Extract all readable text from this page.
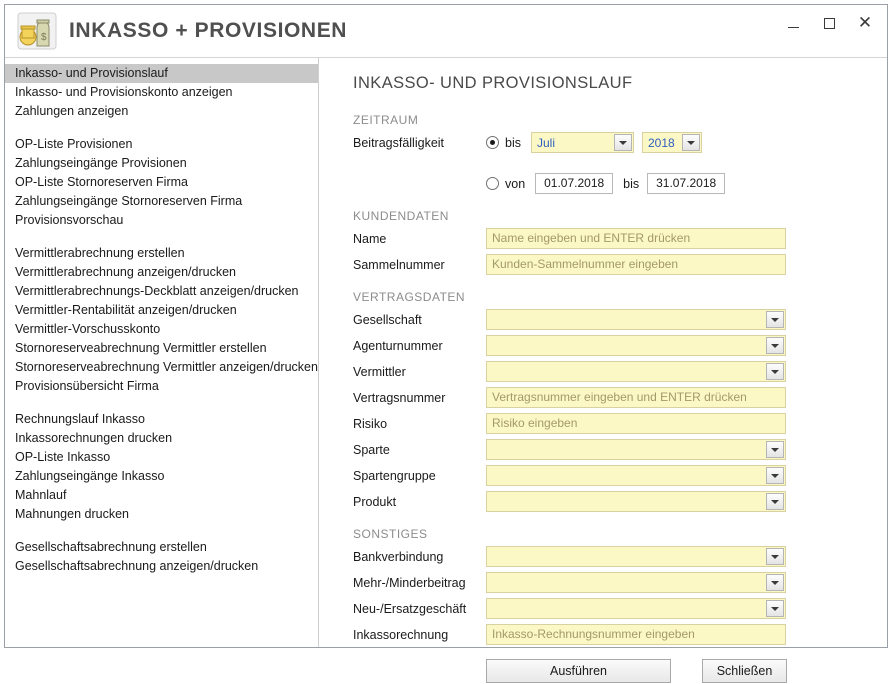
$ INKASSO + PROVISIONEN	✕
Inkasso- und Provisionslauf
Inkasso- und Provisionskonto anzeigen
Zahlungen anzeigen
OP-Liste Provisionen
Zahlungseingänge Provisionen
OP-Liste Stornoreserven Firma
Zahlungseingänge Stornoreserven Firma
Provisionsvorschau
Vermittlerabrechnung erstellen
Vermittlerabrechnung anzeigen/drucken
Vermittlerabrechnungs-Deckblatt anzeigen/drucken
Vermittler-Rentabilität anzeigen/drucken
Vermittler-Vorschusskonto
Stornoreserveabrechnung Vermittler erstellen
Stornoreserveabrechnung Vermittler anzeigen/drucken
Provisionsübersicht Firma
Rechnungslauf Inkasso
Inkassorechnungen drucken
OP-Liste Inkasso
Zahlungseingänge Inkasso
Mahnlauf
Mahnungen drucken
Gesellschaftsabrechnung erstellen
Gesellschaftsabrechnung anzeigen/drucken
INKASSO- UND PROVISIONSLAUF
ZEITRAUM
Beitragsfälligkeit	bis Juli	2018
von	01.07.2018	bis	31.07.2018
KUNDENDATEN
Name	Name eingeben und ENTER drücken
Sammelnummer	Kunden-Sammelnummer eingeben
VERTRAGSDATEN
Gesellschaft
Agenturnummer
Vermittler
Vertragsnummer	Vertragsnummer eingeben und ENTER drücken
Risiko	Risiko eingeben
Sparte
Spartengruppe
Produkt
SONSTIGES
Bankverbindung
Mehr-/Minderbeitrag
Neu-/Ersatzgeschäft
Inkassorechnung	Inkasso-Rechnungsnummer eingeben
Ausführen	Schließen
